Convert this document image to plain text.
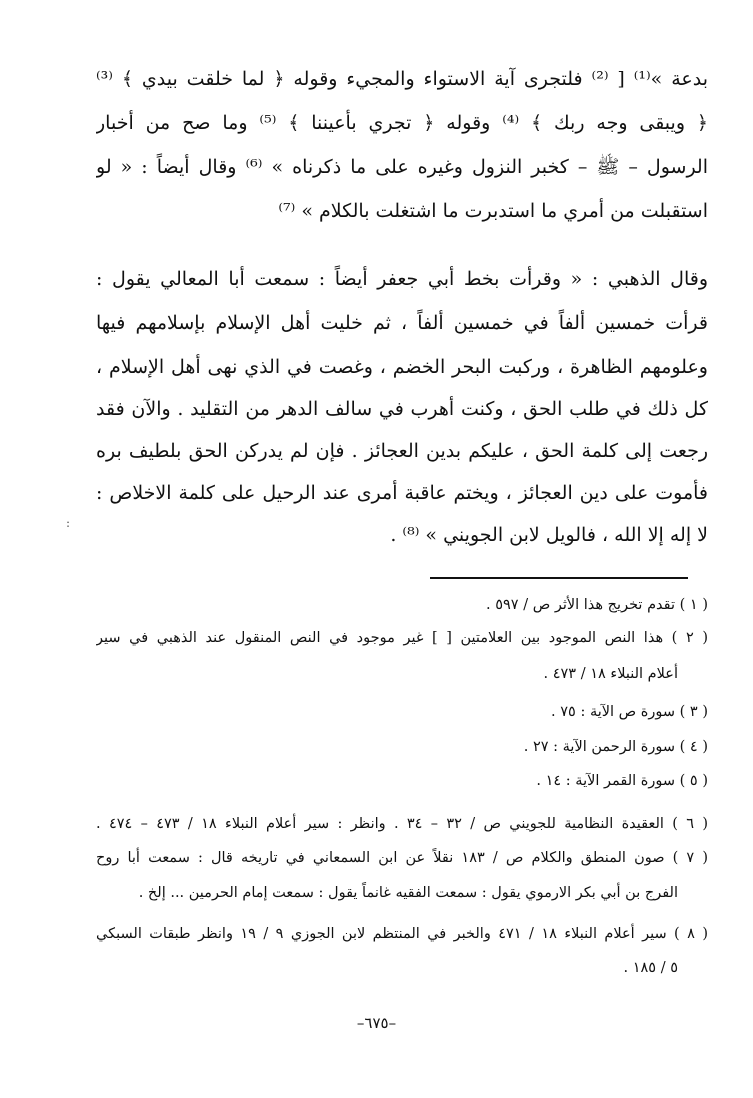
بدعة »⁽¹⁾ [ ⁽²⁾ فلتجرى آية الاستواء والمجيء وقوله ﴿ لما خلقت بيدي ﴾ ⁽³⁾
﴿ ويبقى وجه ربك ﴾ ⁽⁴⁾ وقوله ﴿ تجري بأعيننا ﴾ ⁽⁵⁾ وما صح من أخبار
الرسول – ﷺ – كخبر النزول وغيره على ما ذكرناه » ⁽⁶⁾ وقال أيضاً : « لو
استقبلت من أمري ما استدبرت ما اشتغلت بالكلام » ⁽⁷⁾
وقال الذهبي : « وقرأت بخط أبي جعفر أيضاً : سمعت أبا المعالي يقول :
قرأت خمسين ألفاً في خمسين ألفاً ، ثم خليت أهل الإسلام بإسلامهم فيها
وعلومهم الظاهرة ، وركبت البحر الخضم ، وغصت في الذي نهى أهل الإسلام ،
كل ذلك في طلب الحق ، وكنت أهرب في سالف الدهر من التقليد . والآن فقد
رجعت إلى كلمة الحق ، عليكم بدين العجائز . فإن لم يدركن الحق بلطيف بره
فأموت على دين العجائز ، ويختم عاقبة أمرى عند الرحيل على كلمة الاخلاص :
لا إله إلا الله ، فالويل لابن الجويني » ⁽⁸⁾ .
:
( ١ ) تقدم تخريج هذا الأثر ص / ٥٩٧ .
( ٢ ) هذا النص الموجود بين العلامتين [ ] غير موجود في النص المنقول عند الذهبي في سير
أعلام النبلاء ١٨ / ٤٧٣ .
( ٣ ) سورة ص الآية : ٧٥ .
( ٤ ) سورة الرحمن الآية : ٢٧ .
( ٥ ) سورة القمر الآية : ١٤ .
( ٦ ) العقيدة النظامية للجويني ص / ٣٢ – ٣٤ . وانظر : سير أعلام النبلاء ١٨ / ٤٧٣ – ٤٧٤ .
( ٧ ) صون المنطق والكلام ص / ١٨٣ نقلاً عن ابن السمعاني في تاريخه قال : سمعت أبا روح
الفرج بن أبي بكر الارموي يقول : سمعت الفقيه غانماً يقول : سمعت إمام الحرمين ... إلخ .
( ٨ ) سير أعلام النبلاء ١٨ / ٤٧١ والخبر في المنتظم لابن الجوزي ٩ / ١٩ وانظر طبقات السبكي
٥ / ١٨٥ .
–٦٧٥–
